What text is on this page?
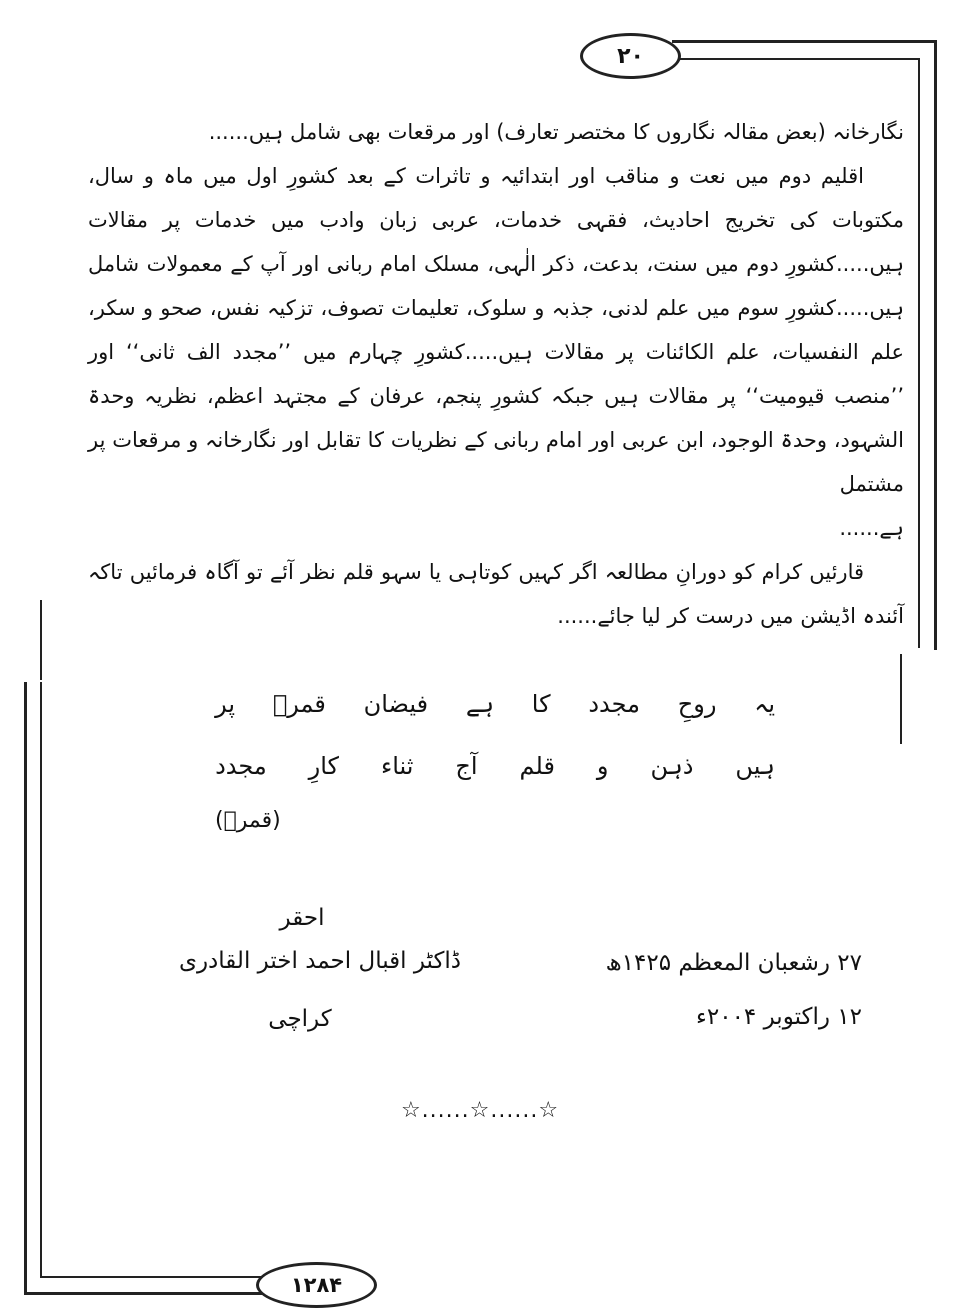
۲۰

نگارخانہ (بعض مقالہ نگاروں کا مختصر تعارف) اور مرقعات بھی شامل ہیں......

اقلیم دوم میں نعت و مناقب اور ابتدائیہ و تاثرات کے بعد کشورِ اول میں ماہ و سال، مکتوبات کی تخریج احادیث، فقہی خدمات، عربی زبان وادب میں خدمات پر مقالات ہیں.....کشورِ دوم میں سنت، بدعت، ذکر الٰہی، مسلک امام ربانی اور آپ کے معمولات شامل ہیں.....کشورِ سوم میں علم لدنی، جذبہ و سلوک، تعلیمات تصوف، تزکیہ نفس، صحو و سکر، علم النفسیات، علم الکائنات پر مقالات ہیں.....کشورِ چہارم میں ’’مجدد الف ثانی‘‘ اور ’’منصب قیومیت‘‘ پر مقالات ہیں جبکہ کشورِ پنجم، عرفان کے مجتہد اعظم، نظریہ وحدۃ الشہود، وحدۃ الوجود، ابن عربی اور امام ربانی کے نظریات کا تقابل اور نگارخانہ و مرقعات پر مشتمل

ہے......

قارئیں کرام کو دورانِ مطالعہ اگر کہیں کوتاہی یا سہو قلم نظر آئے تو آگاہ فرمائیں تاکہ آئندہ اڈیشن میں درست کر لیا جائے......

یہ
روحِ
مجدد
کا
ہے
فیضان
قمرؔ
پر
ہیں
ذہن
و
قلم
آج
ثناء
کارِ
مجدد
(قمرؔ)
احقر
ڈاکٹر اقبال احمد اختر القادری
کراچی
۲۷ رشعبان المعظم ۱۴۲۵ھ
۱۲ راکتوبر ۲۰۰۴ء
☆......☆......☆
۱۲۸۴
